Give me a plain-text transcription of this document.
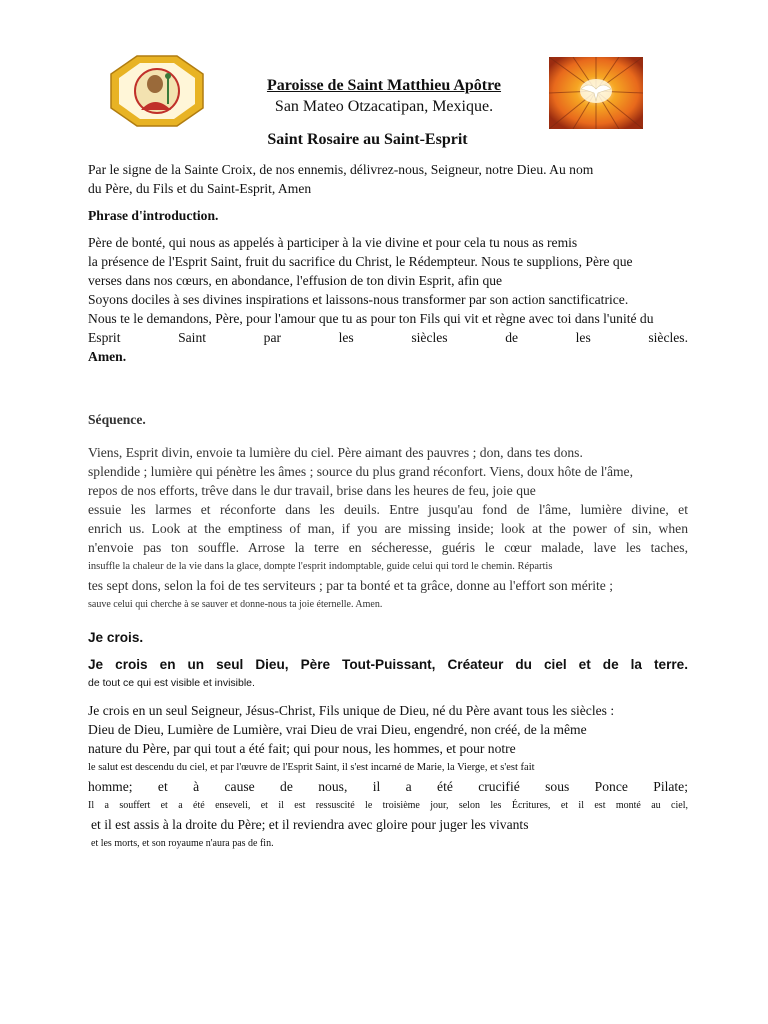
Paroisse de Saint Matthieu Apôtre
San Mateo Otzacatipan, Mexique.
Saint Rosaire au Saint-Esprit

Par le signe de la Sainte Croix, de nos ennemis, délivrez-nous, Seigneur, notre Dieu. Au nom
du Père, du Fils et du Saint-Esprit, Amen

Phrase d'introduction.

Père de bonté, qui nous as appelés à participer à la vie divine et pour cela tu nous as remis
la présence de l'Esprit Saint, fruit du sacrifice du Christ, le Rédempteur. Nous te supplions, Père que
verses dans nos cœurs, en abondance, l'effusion de ton divin Esprit, afin que
Soyons dociles à ses divines inspirations et laissons-nous transformer par son action sanctificatrice.
Nous te le demandons, Père, pour l'amour que tu as pour ton Fils qui vit et règne avec toi dans l'unité du
Esprit Saint par les siècles de les siècles.
Amen.

Séquence.

Viens, Esprit divin, envoie ta lumière du ciel. Père aimant des pauvres ; don, dans tes dons.
splendide ; lumière qui pénètre les âmes ; source du plus grand réconfort. Viens, doux hôte de l'âme,
repos de nos efforts, trêve dans le dur travail, brise dans les heures de feu, joie que
essuie les larmes et réconforte dans les deuils. Entre jusqu'au fond de l'âme, lumière divine, et
enrich us. Look at the emptiness of man, if you are missing inside; look at the power of sin, when
n'envoie pas ton souffle. Arrose la terre en sécheresse, guéris le cœur malade, lave les taches,
insuffle la chaleur de la vie dans la glace, dompte l'esprit indomptable, guide celui qui tord le chemin. Répartis
tes sept dons, selon la foi de tes serviteurs ; par ta bonté et ta grâce, donne au l'effort son mérite ;
sauve celui qui cherche à se sauver et donne-nous ta joie éternelle. Amen.

Je crois.

Je crois en un seul Dieu, Père Tout-Puissant, Créateur du ciel et de la terre.
de tout ce qui est visible et invisible.

Je crois en un seul Seigneur, Jésus-Christ, Fils unique de Dieu, né du Père avant tous les siècles :
Dieu de Dieu, Lumière de Lumière, vrai Dieu de vrai Dieu, engendré, non créé, de la même
nature du Père, par qui tout a été fait; qui pour nous, les hommes, et pour notre
le salut est descendu du ciel, et par l'œuvre de l'Esprit Saint, il s'est incarné de Marie, la Vierge, et s'est fait
homme; et à cause de nous, il a été crucifié sous Ponce Pilate;
Il a souffert et a été enseveli, et il est ressuscité le troisième jour, selon les Écritures, et il est monté au ciel,
et il est assis à la droite du Père; et il reviendra avec gloire pour juger les vivants
et les morts, et son royaume n'aura pas de fin.
